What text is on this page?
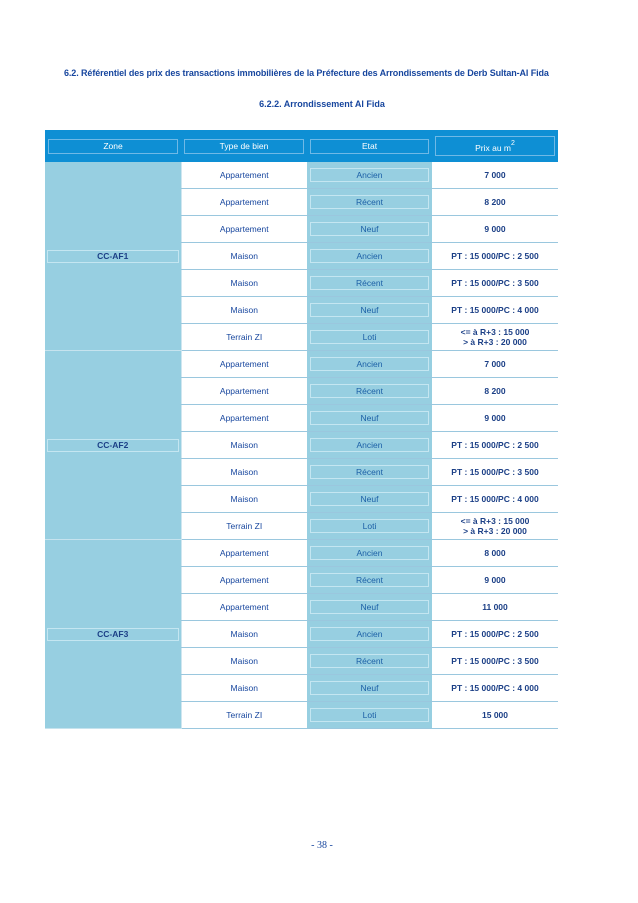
6.2. Référentiel des prix des transactions immobilières de la Préfecture des Arrondissements de Derb Sultan-Al Fida
6.2.2. Arrondissement Al Fida

Zone	Type de bien	Etat	Prix au $m^2$

CC-AF1	Appartement	Ancien	7 000

	Appartement	Récent	8 200

	Appartement	Neuf	9 000

	Maison	Ancien	PT : 15 000/PC : 2 500

	Maison	Récent	PT : 15 000/PC : 3 500

	Maison	Neuf	PT : 15 000/PC : 4 000

	Terrain ZI	Loti	<= à R+3 : 15 000
> à R+3 : 20 000

CC-AF2	Appartement	Ancien	7 000

	Appartement	Récent	8 200

	Appartement	Neuf	9 000

	Maison	Ancien	PT : 15 000/PC : 2 500

	Maison	Récent	PT : 15 000/PC : 3 500

	Maison	Neuf	PT : 15 000/PC : 4 000

	Terrain ZI	Loti	<= à R+3 : 15 000
> à R+3 : 20 000

CC-AF3	Appartement	Ancien	8 000

	Appartement	Récent	9 000

	Appartement	Neuf	11 000

	Maison	Ancien	PT : 15 000/PC : 2 500

	Maison	Récent	PT : 15 000/PC : 3 500

	Maison	Neuf	PT : 15 000/PC : 4 000

	Terrain ZI	Loti	15 000
- 38 -
